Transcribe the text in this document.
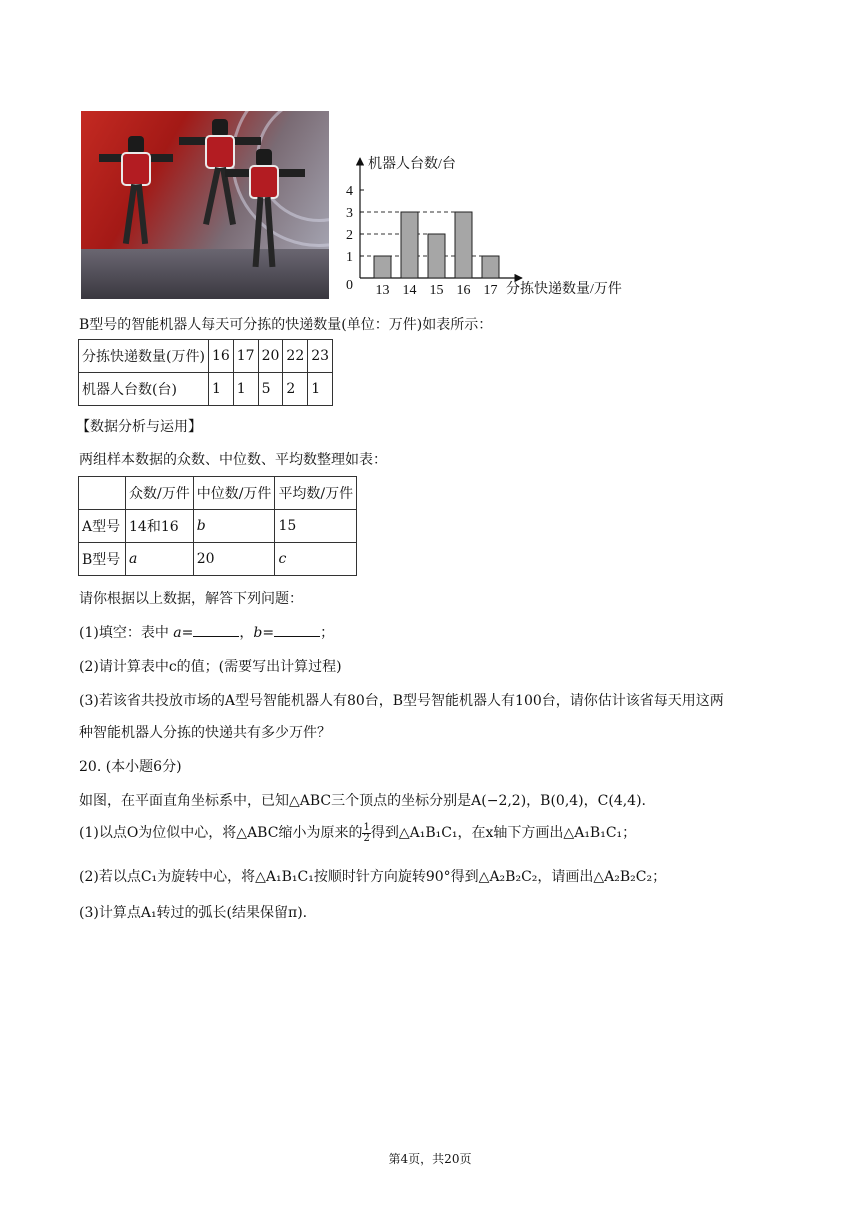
机器人台数/台
分拣快递数量/万件
0
1
2
3
4
13 14 15 16 17
B型号的智能机器人每天可分拣的快递数量(单位：万件)如表所示：
分拣快递数量(万件)	16	17	20	22	23
机器人台数(台)	1	1	5	2	1
【数据分析与运用】
两组样本数据的众数、中位数、平均数整理如表：
	众数/万件	中位数/万件	平均数/万件
A型号	14和16	b	15
B型号	a	20	c
请你根据以上数据，解答下列问题：
(1)填空：表中 a=	，b=	；
(2)请计算表中c的值；(需要写出计算过程)
(3)若该省共投放市场的A型号智能机器人有80台，B型号智能机器人有100台，请你估计该省每天用这两
种智能机器人分拣的快递共有多少万件？
20. (本小题6分)
如图，在平面直角坐标系中，已知△ABC三个顶点的坐标分别是A(−2,2)，B(0,4)，C(4,4).
(1)以点O为位似中心，将△ABC缩小为原来的 $\frac{1}{2}$ 得到△A₁B₁C₁，在x轴下方画出△A₁B₁C₁；
(2)若以点C₁为旋转中心，将△A₁B₁C₁按顺时针方向旋转90°得到△A₂B₂C₂，请画出△A₂B₂C₂；
(3)计算点A₁转过的弧长(结果保留π).
第4页，共20页
